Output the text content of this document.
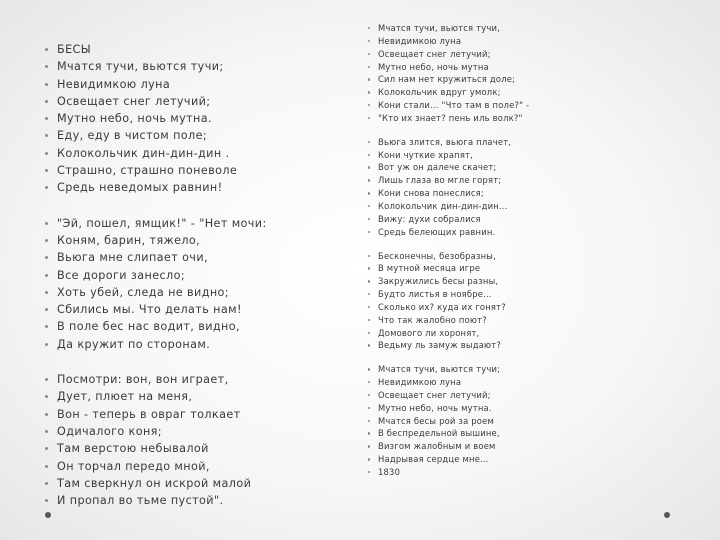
БЕСЫ
Мчатся тучи, вьются тучи;
Невидимкою луна
Освещает снег летучий;
Мутно небо, ночь мутна.
Еду, еду в чистом поле;
Колокольчик дин-дин-дин .
Страшно, страшно поневоле
Средь неведомых равнин!
"Эй, пошел, ямщик!" - "Нет мочи:
Коням, барин, тяжело,
Вьюга мне слипает очи,
Все дороги занесло;
Хоть убей, следа не видно;
Сбились мы. Что делать нам!
В поле бес нас водит, видно,
Да кружит по сторонам.
Посмотри: вон, вон играет,
Дует, плюет на меня,
Вон - теперь в овраг толкает
Одичалого коня;
Там верстою небывалой
Он торчал передо мной,
Там сверкнул он искрой малой
И пропал во тьме пустой".
Мчатся тучи, вьются тучи,
Невидимкою луна
Освещает снег летучий;
Мутно небо, ночь мутна
Сил нам нет кружиться доле;
Колокольчик вдруг умолк;
Кони стали... "Что там в поле?" -
"Кто их знает? пень иль волк?"
Вьюга злится, вьюга плачет,
Кони чуткие храпят,
Вот уж он далече скачет;
Лишь глаза во мгле горят;
Кони снова понеслися;
Колокольчик дин-дин-дин...
Вижу: духи собралися
Средь белеющих равнин.
Бесконечны, безобразны,
В мутной месяца игре
Закружились бесы разны,
Будто листья в ноябре...
Сколько их? куда их гонят?
Что так жалобно поют?
Домового ли хоронят,
Ведьму ль замуж выдают?
Мчатся тучи, вьются тучи;
Невидимкою луна
Освещает снег летучий;
Мутно небо, ночь мутна.
Мчатся бесы рой за роем
В беспредельной вышине,
Визгом жалобным и воем
Надрывая сердце мне...
1830
